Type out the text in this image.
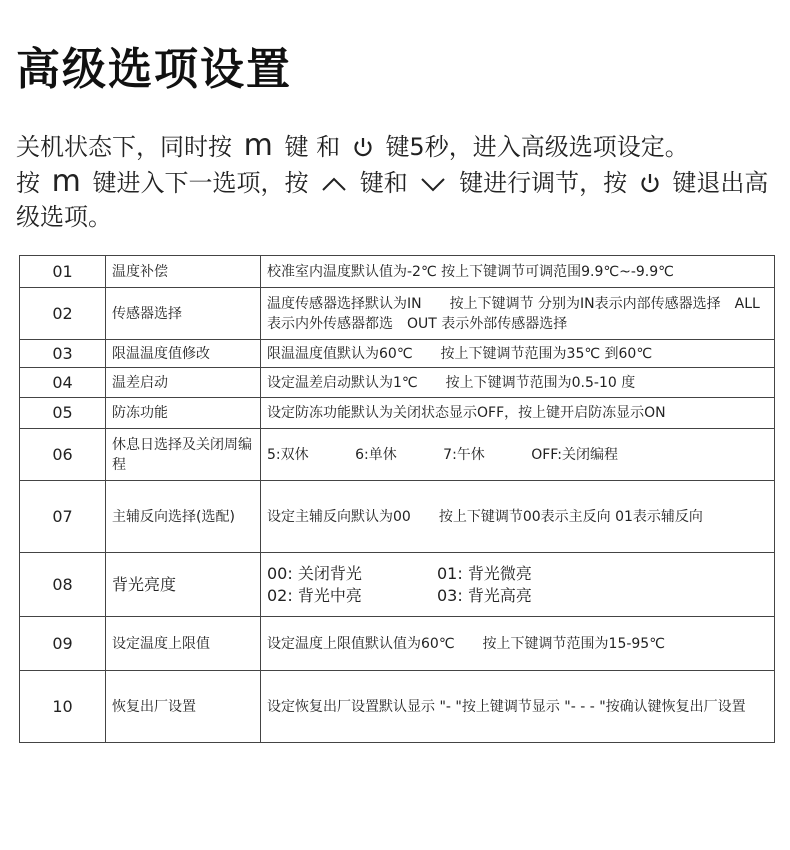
高级选项设置
关机状态下，同时按 m 键 和 键5秒，进入高级选项设定。
按 m 键进入下一选项，按 键和 键进行调节，按 键退出高
级选项。
01	温度补偿	校准室内温度默认值为-2℃ 按上下键调节可调范围9.9℃~-9.9℃
02	传感器选择	温度传感器选择默认为IN　　按上下键调节 分别为IN表示内部传感器选择　ALL 表示内外传感器都选　OUT 表示外部传感器选择
03	限温温度值修改	限温温度值默认为60℃　　按上下键调节范围为35℃ 到60℃
04	温差启动	设定温差启动默认为1℃　　按上下键调节范围为0.5-10 度
05	防冻功能	设定防冻功能默认为关闭状态显示OFF，按上键开启防冻显示ON
06	休息日选择及关闭周编程	5:双休 6:单休 7:午休 OFF:关闭编程

07	主辅反向选择(选配)	设定主辅反向默认为00　　按上下键调节00表示主反向 01表示辅反向
08	背光亮度	00: 关闭背光 01: 背光微亮
02: 背光中亮 03: 背光高亮

09	设定温度上限值	设定温度上限值默认值为60℃　　按上下键调节范围为15-95℃
10	恢复出厂设置	设定恢复出厂设置默认显示 "- "按上键调节显示 "- - - "按确认键恢复出厂设置
